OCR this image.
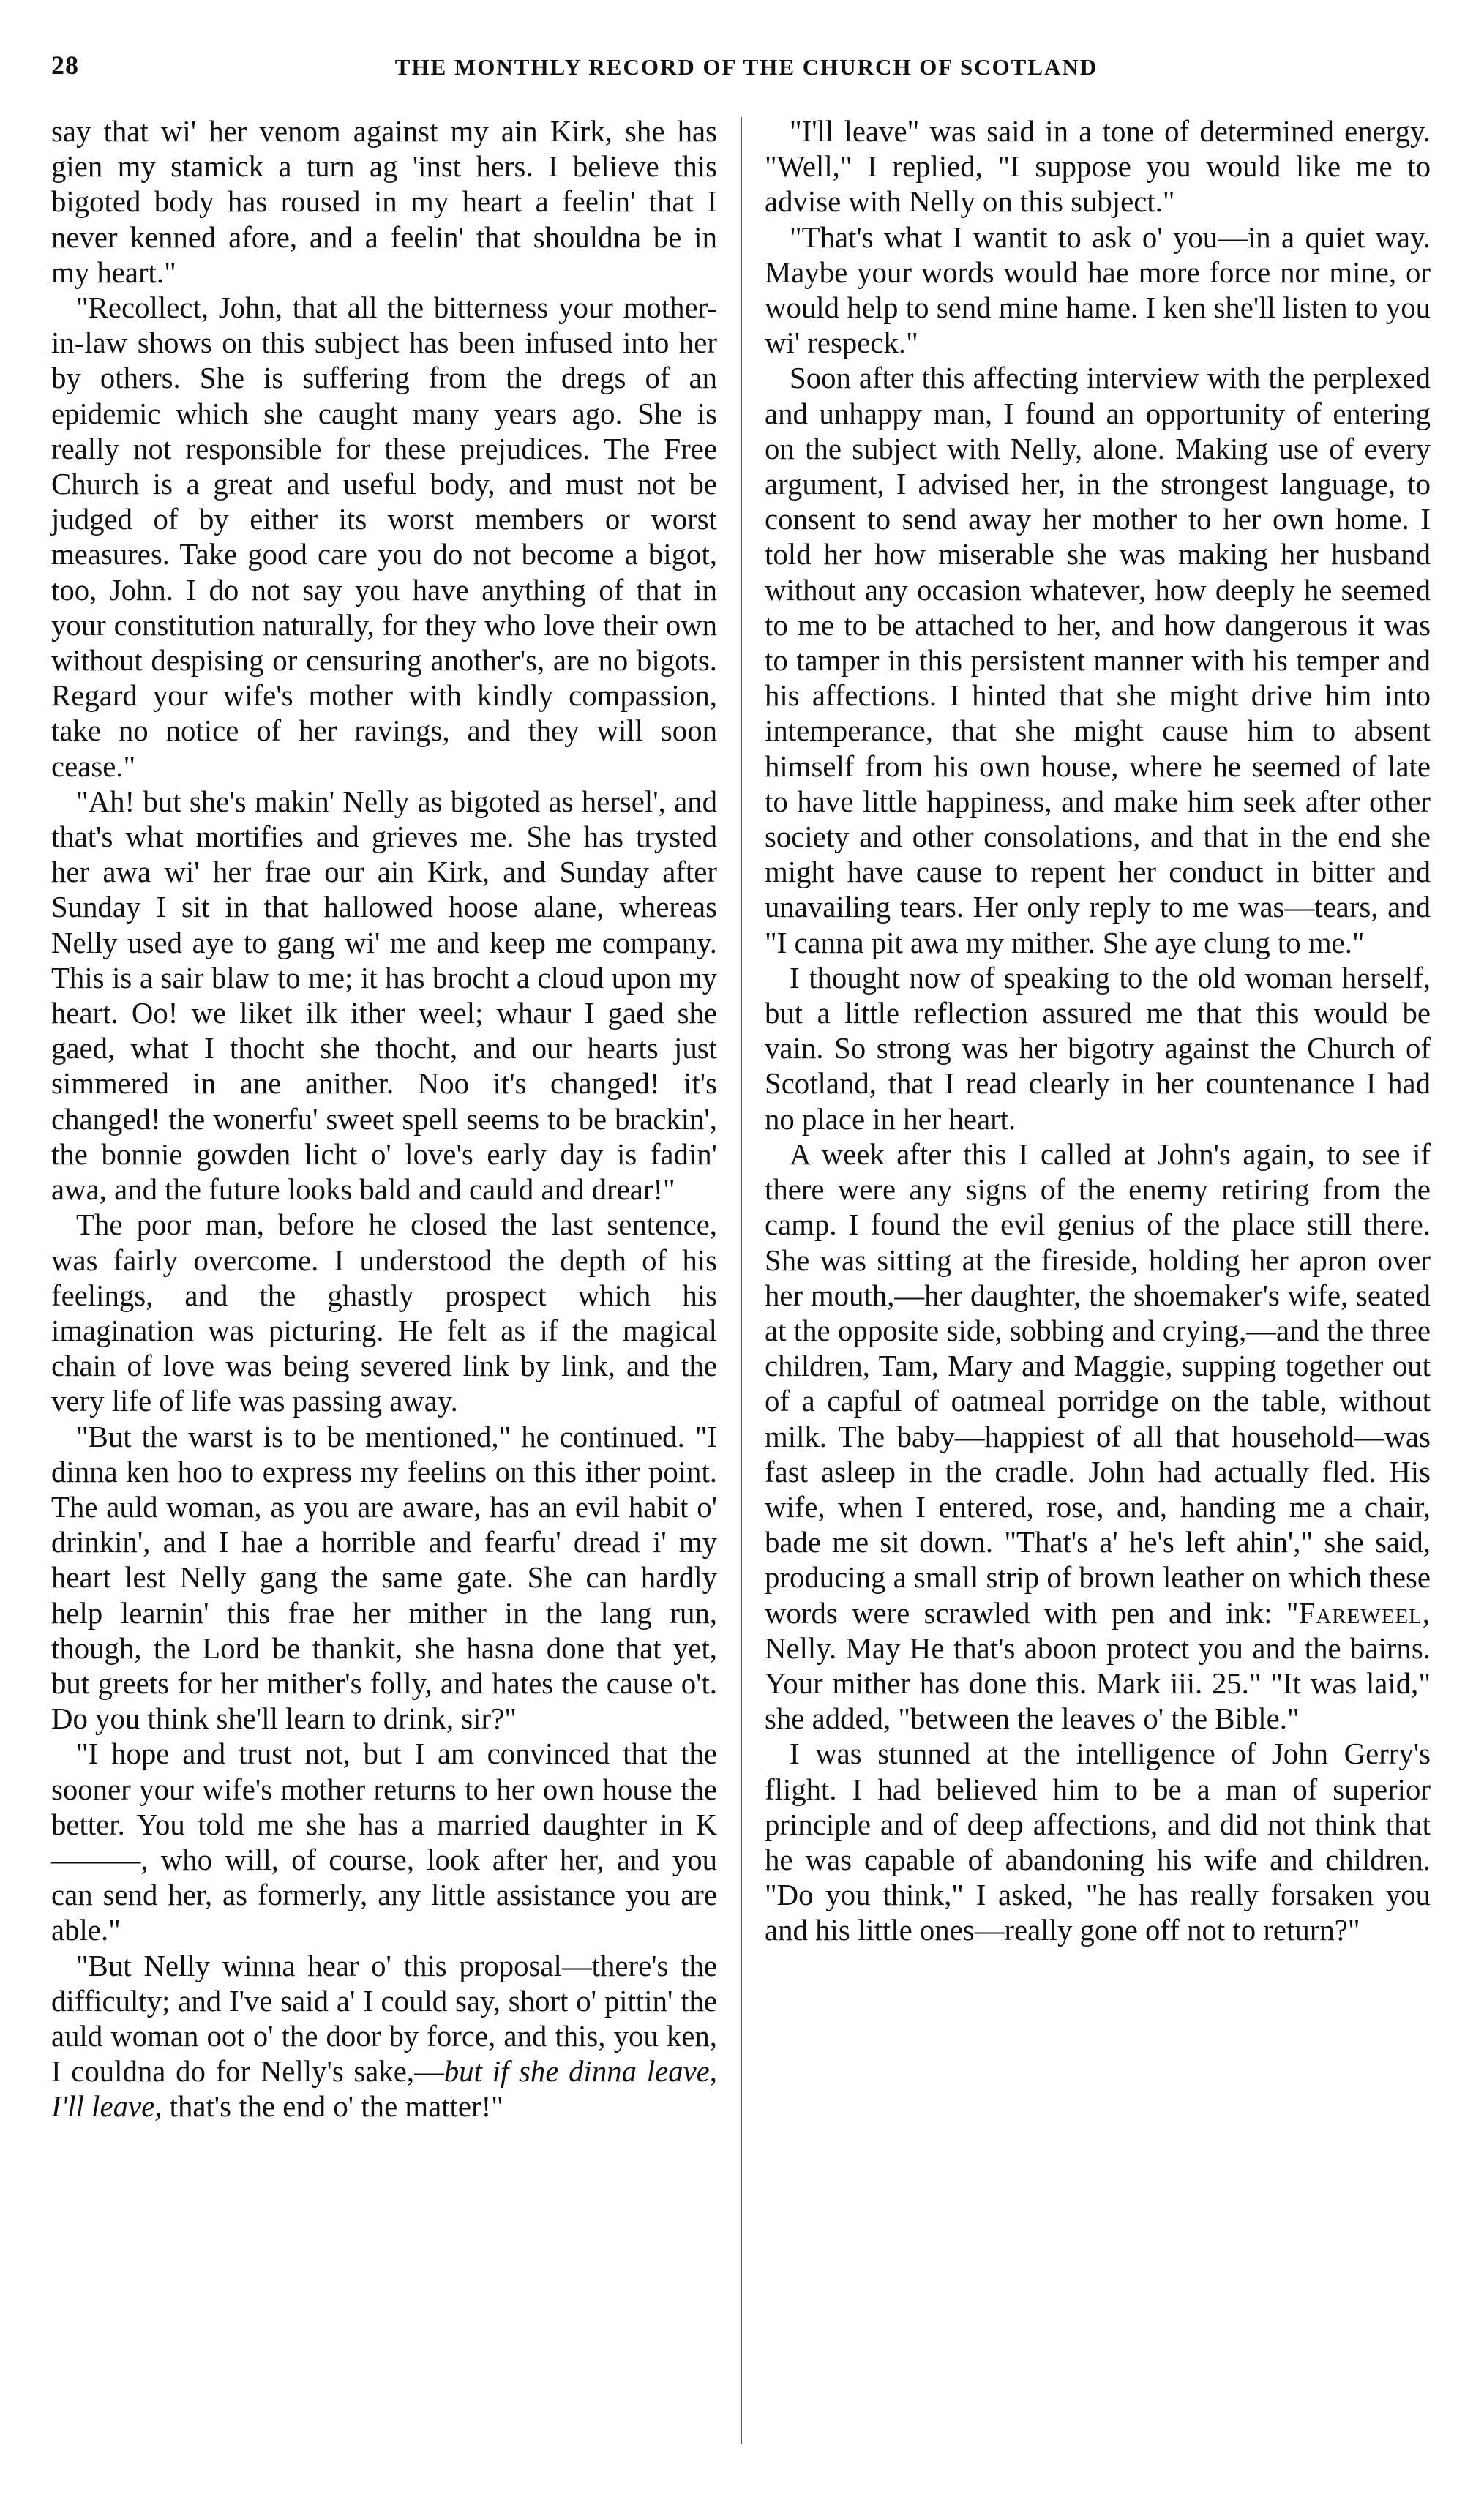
28	THE MONTHLY RECORD OF THE CHURCH OF SCOTLAND

say that wi' her venom against my ain Kirk, she has gien my stamick a turn ag 'inst hers. I believe this bigoted body has roused in my heart a feelin' that I never kenned afore, and a feelin' that shouldna be in my heart."

"Recollect, John, that all the bitterness your mother-in-law shows on this subject has been infused into her by others. She is suffering from the dregs of an epidemic which she caught many years ago. She is really not responsible for these prejudices. The Free Church is a great and useful body, and must not be judged of by either its worst members or worst measures. Take good care you do not become a bigot, too, John. I do not say you have anything of that in your constitution naturally, for they who love their own without despising or censuring another's, are no bigots. Regard your wife's mother with kindly compassion, take no notice of her ravings, and they will soon cease."

"Ah! but she's makin' Nelly as bigoted as hersel', and that's what mortifies and grieves me. She has trysted her awa wi' her frae our ain Kirk, and Sunday after Sunday I sit in that hallowed hoose alane, whereas Nelly used aye to gang wi' me and keep me company. This is a sair blaw to me; it has brocht a cloud upon my heart. Oo! we liket ilk ither weel; whaur I gaed she gaed, what I thocht she thocht, and our hearts just simmered in ane anither. Noo it's changed! it's changed! the wonerfu' sweet spell seems to be brackin', the bonnie gowden licht o' love's early day is fadin' awa, and the future looks bald and cauld and drear!"

The poor man, before he closed the last sentence, was fairly overcome. I understood the depth of his feelings, and the ghastly prospect which his imagination was picturing. He felt as if the magical chain of love was being severed link by link, and the very life of life was passing away.

"But the warst is to be mentioned," he continued. "I dinna ken hoo to express my feelins on this ither point. The auld woman, as you are aware, has an evil habit o' drinkin', and I hae a horrible and fearfu' dread i' my heart lest Nelly gang the same gate. She can hardly help learnin' this frae her mither in the lang run, though, the Lord be thankit, she hasna done that yet, but greets for her mither's folly, and hates the cause o't. Do you think she'll learn to drink, sir?"

"I hope and trust not, but I am convinced that the sooner your wife's mother returns to her own house the better. You told me she has a married daughter in K———, who will, of course, look after her, and you can send her, as formerly, any little assistance you are able."

"But Nelly winna hear o' this proposal—there's the difficulty; and I've said a' I could say, short o' pittin' the auld woman oot o' the door by force, and this, you ken, I couldna do for Nelly's sake,—but if she dinna leave, I'll leave, that's the end o' the matter!"

"I'll leave" was said in a tone of determined energy. "Well," I replied, "I suppose you would like me to advise with Nelly on this subject."

"That's what I wantit to ask o' you—in a quiet way. Maybe your words would hae more force nor mine, or would help to send mine hame. I ken she'll listen to you wi' respeck."

Soon after this affecting interview with the perplexed and unhappy man, I found an opportunity of entering on the subject with Nelly, alone. Making use of every argument, I advised her, in the strongest language, to consent to send away her mother to her own home. I told her how miserable she was making her husband without any occasion whatever, how deeply he seemed to me to be attached to her, and how dangerous it was to tamper in this persistent manner with his temper and his affections. I hinted that she might drive him into intemperance, that she might cause him to absent himself from his own house, where he seemed of late to have little happiness, and make him seek after other society and other consolations, and that in the end she might have cause to repent her conduct in bitter and unavailing tears. Her only reply to me was—tears, and "I canna pit awa my mither. She aye clung to me."

I thought now of speaking to the old woman herself, but a little reflection assured me that this would be vain. So strong was her bigotry against the Church of Scotland, that I read clearly in her countenance I had no place in her heart.

A week after this I called at John's again, to see if there were any signs of the enemy retiring from the camp. I found the evil genius of the place still there. She was sitting at the fireside, holding her apron over her mouth,—her daughter, the shoemaker's wife, seated at the opposite side, sobbing and crying,—and the three children, Tam, Mary and Maggie, supping together out of a capful of oatmeal porridge on the table, without milk. The baby—happiest of all that household—was fast asleep in the cradle. John had actually fled. His wife, when I entered, rose, and, handing me a chair, bade me sit down. "That's a' he's left ahin'," she said, producing a small strip of brown leather on which these words were scrawled with pen and ink: "Fareweel, Nelly. May He that's aboon protect you and the bairns. Your mither has done this. Mark iii. 25." "It was laid," she added, "between the leaves o' the Bible."

I was stunned at the intelligence of John Gerry's flight. I had believed him to be a man of superior principle and of deep affections, and did not think that he was capable of abandoning his wife and children. "Do you think," I asked, "he has really forsaken you and his little ones—really gone off not to return?"
